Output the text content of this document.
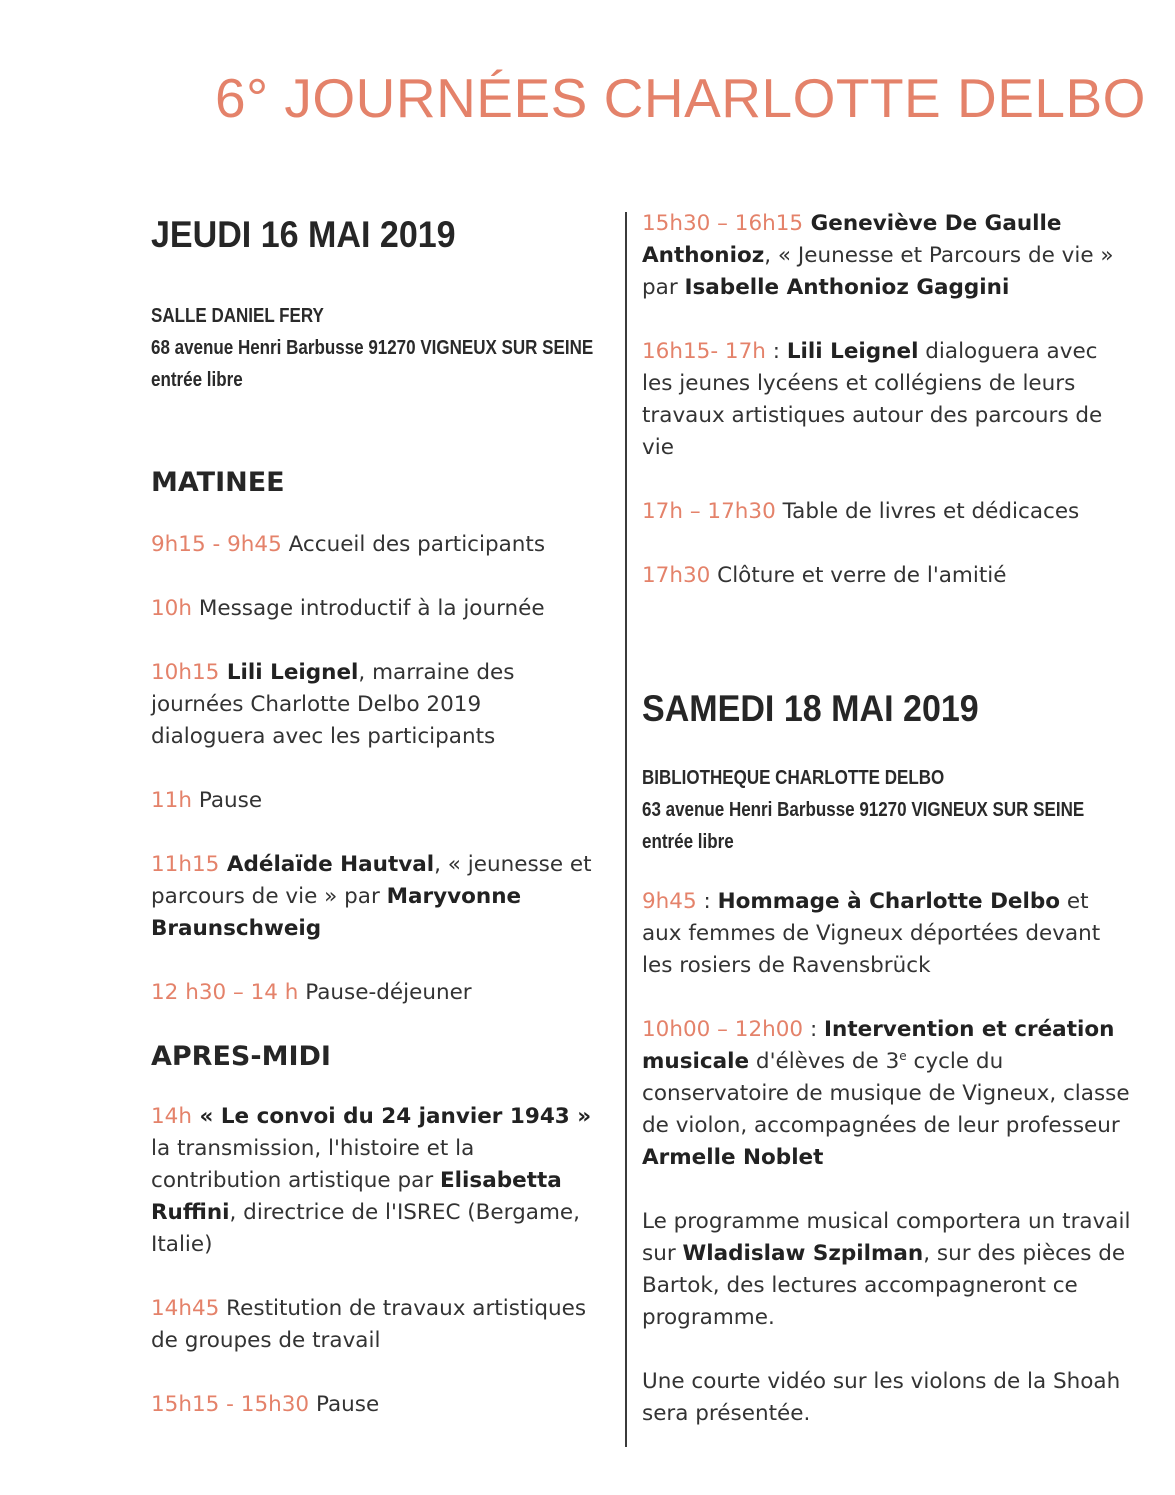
6° JOURNÉES CHARLOTTE DELBO
JEUDI 16 MAI 2019
SALLE DANIEL FERY
68 avenue Henri Barbusse 91270 VIGNEUX SUR SEINE
entrée libre
MATINEE
9h15 - 9h45 Accueil des participants
10h Message introductif à la journée
10h15 Lili Leignel, marraine des journées Charlotte Delbo 2019 dialoguera avec les participants
11h Pause
11h15 Adélaïde Hautval, « jeunesse et parcours de vie » par Maryvonne Braunschweig
12 h30 – 14 h Pause-déjeuner
APRES-MIDI
14h « Le convoi du 24 janvier 1943 » la transmission, l'histoire et la contribution artistique par Elisabetta Ruffini, directrice de l'ISREC (Bergame, Italie)
14h45 Restitution de travaux artistiques de groupes de travail
15h15 - 15h30 Pause
15h30 – 16h15 Geneviève De Gaulle Anthonioz, « Jeunesse et Parcours de vie » par Isabelle Anthonioz Gaggini
16h15- 17h : Lili Leignel dialoguera avec les jeunes lycéens et collégiens de leurs travaux artistiques autour des parcours de vie
17h – 17h30 Table de livres et dédicaces
17h30 Clôture et verre de l'amitié
SAMEDI 18 MAI 2019
BIBLIOTHEQUE CHARLOTTE DELBO
63 avenue Henri Barbusse 91270 VIGNEUX SUR SEINE
entrée libre
9h45 : Hommage à Charlotte Delbo et aux femmes de Vigneux déportées devant les rosiers de Ravensbrück
10h00 – 12h00 : Intervention et création musicale d'élèves de 3e cycle du conservatoire de musique de Vigneux, classe de violon, accompagnées de leur professeur Armelle Noblet
Le programme musical comportera un travail sur Wladislaw Szpilman, sur des pièces de Bartok, des lectures accompagneront ce programme.
Une courte vidéo sur les violons de la Shoah sera présentée.
